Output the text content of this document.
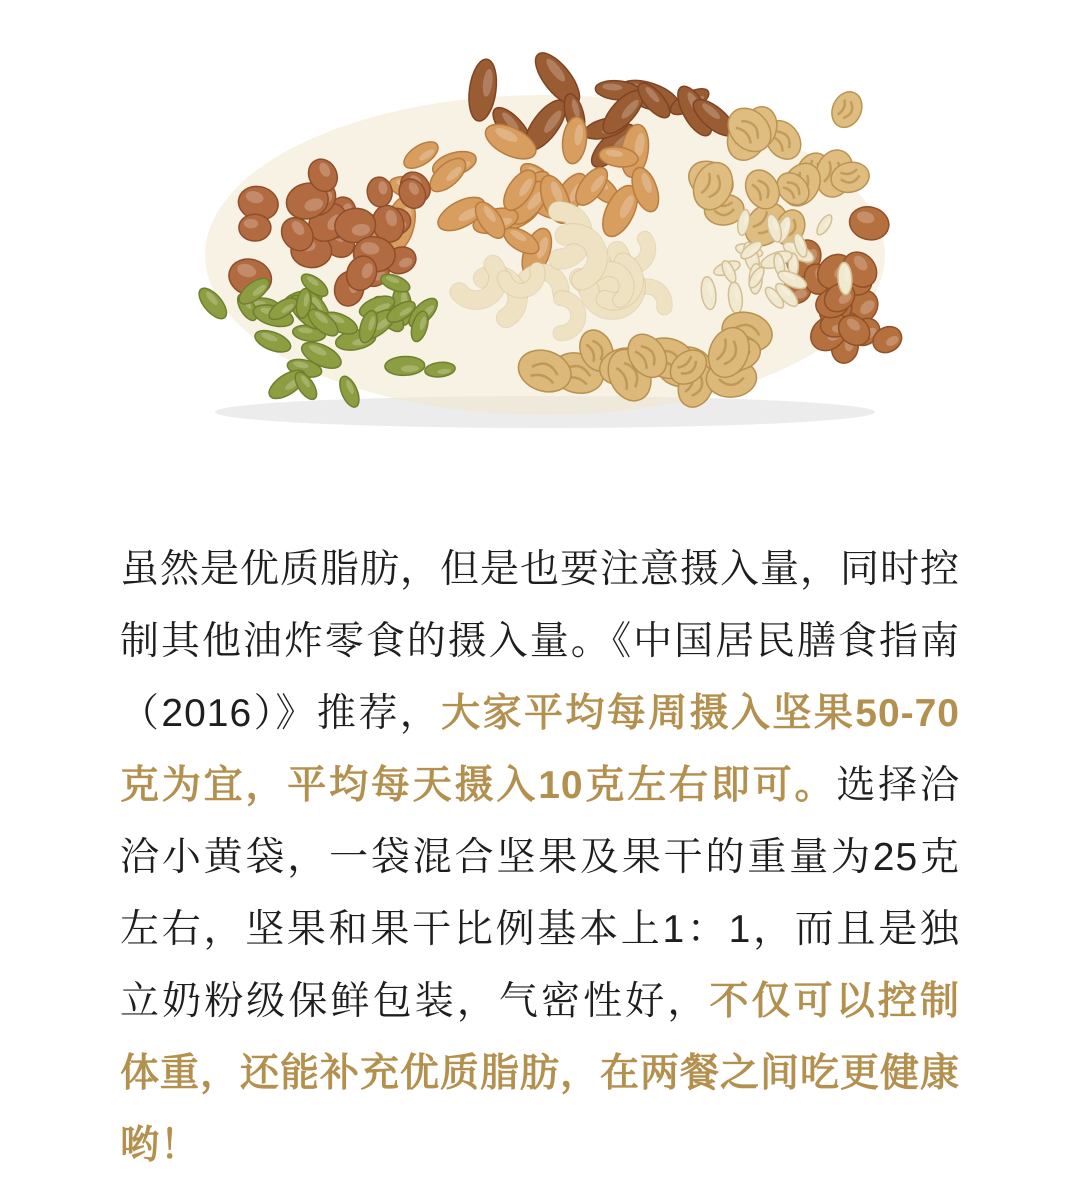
虽然是优质脂肪，但是也要注意摄入量，同时控制其他油炸零食的摄入量。《中国居民膳食指南（2016）》推荐，大家平均每周摄入坚果50-70克为宜，平均每天摄入10克左右即可。选择洽洽小黄袋，一袋混合坚果及果干的重量为25克左右，坚果和果干比例基本上1：1，而且是独立奶粉级保鲜包装，气密性好，不仅可以控制体重，还能补充优质脂肪，在两餐之间吃更健康哟！
